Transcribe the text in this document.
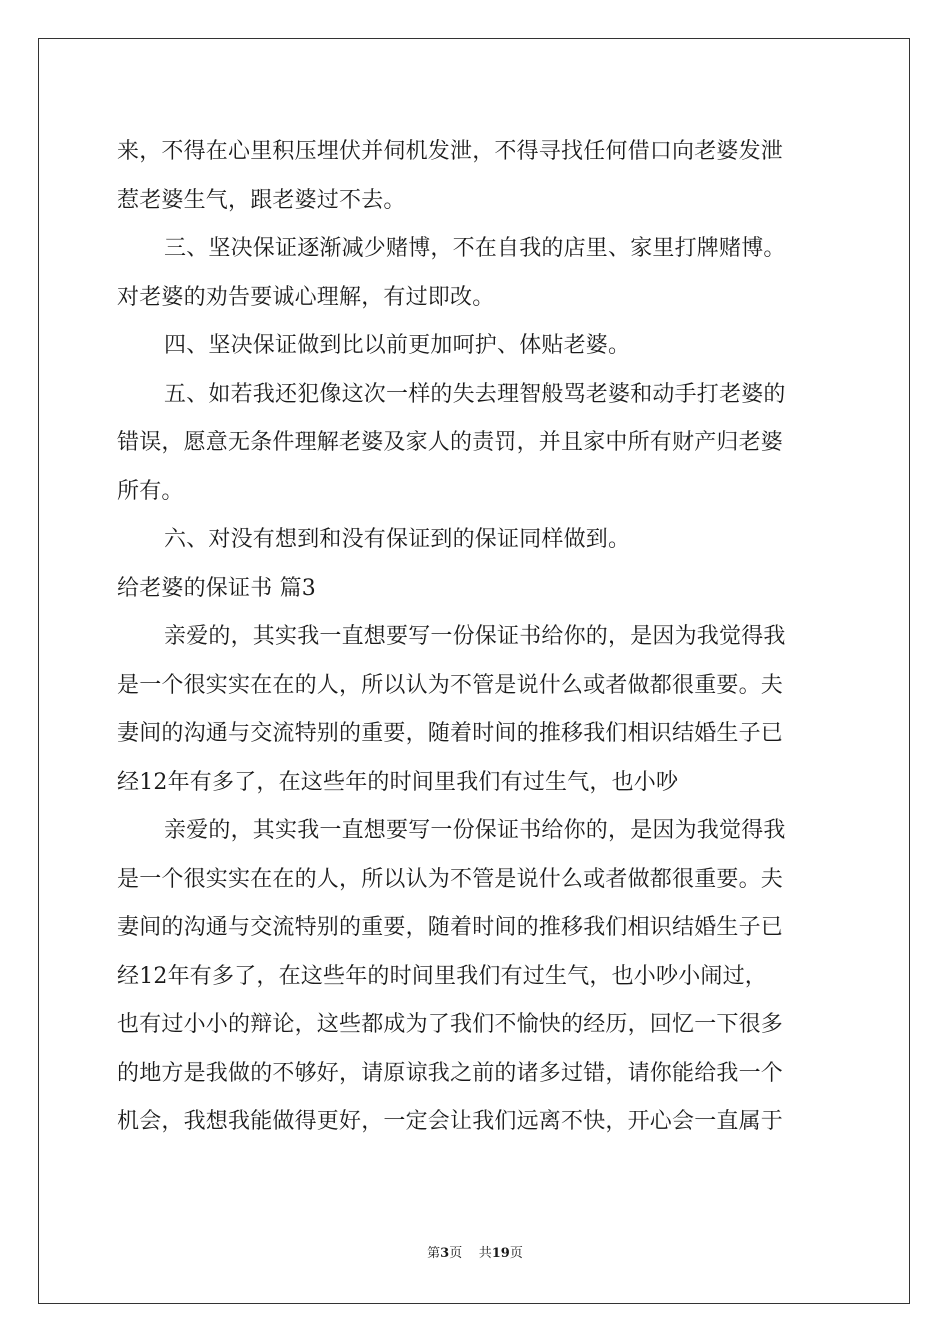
来，不得在心里积压埋伏并伺机发泄，不得寻找任何借口向老婆发泄
惹老婆生气，跟老婆过不去。
三、坚决保证逐渐减少赌博，不在自我的店里、家里打牌赌博。
对老婆的劝告要诚心理解，有过即改。
四、坚决保证做到比以前更加呵护、体贴老婆。
五、如若我还犯像这次一样的失去理智般骂老婆和动手打老婆的
错误，愿意无条件理解老婆及家人的责罚，并且家中所有财产归老婆
所有。
六、对没有想到和没有保证到的保证同样做到。
给老婆的保证书 篇3
亲爱的，其实我一直想要写一份保证书给你的，是因为我觉得我
是一个很实实在在的人，所以认为不管是说什么或者做都很重要。夫
妻间的沟通与交流特别的重要，随着时间的推移我们相识结婚生子已
经12年有多了，在这些年的时间里我们有过生气，也小吵
亲爱的，其实我一直想要写一份保证书给你的，是因为我觉得我
是一个很实实在在的人，所以认为不管是说什么或者做都很重要。夫
妻间的沟通与交流特别的重要，随着时间的推移我们相识结婚生子已
经12年有多了，在这些年的时间里我们有过生气，也小吵小闹过，
也有过小小的辩论，这些都成为了我们不愉快的经历，回忆一下很多
的地方是我做的不够好，请原谅我之前的诸多过错，请你能给我一个
机会，我想我能做得更好，一定会让我们远离不快，开心会一直属于
第3页 共19页
